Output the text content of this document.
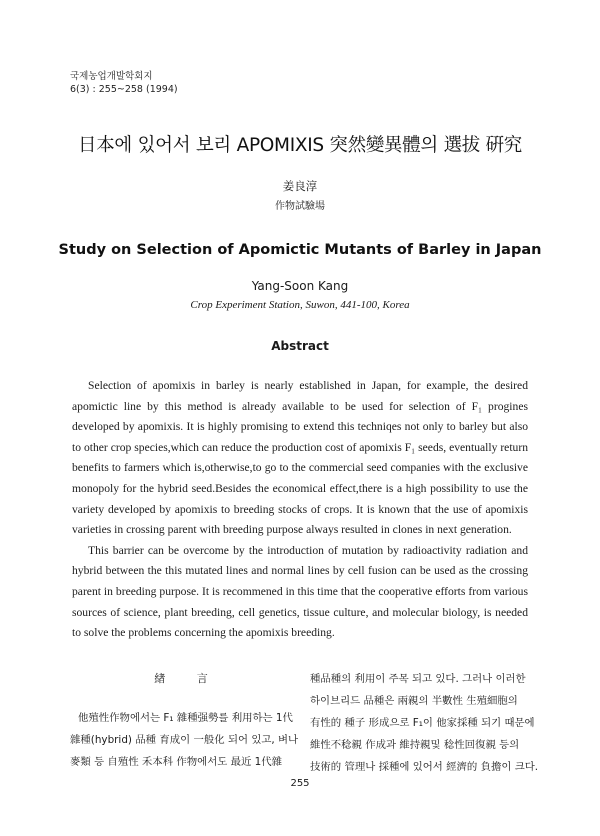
국제농업개발학회지
6(3) : 255~258 (1994)
日本에 있어서 보리 APOMIXIS 突然變異體의 選拔 硏究
姜良淳
作物試驗場
Study on Selection of Apomictic Mutants of Barley in Japan
Yang-Soon Kang
Crop Experiment Station, Suwon, 441-100, Korea
Abstract

Selection of apomixis in barley is nearly established in Japan, for example, the desired apomictic line by this method is already available to be used for selection of F₁ progines developed by apomixis. It is highly promising to extend this techniqes not only to barley but also to other crop species,which can reduce the production cost of apomixis F₁ seeds, eventually return benefits to farmers which is,otherwise,to go to the commercial seed companies with the exclusive monopoly for the hybrid seed.Besides the economical effect,there is a high possibility to use the variety developed by apomixis to breeding stocks of crops. It is known that the use of apomixis varieties in crossing parent with breeding purpose always resulted in clones in next generation.

This barrier can be overcome by the introduction of mutation by radioactivity radiation and hybrid between the this mutated lines and normal lines by cell fusion can be used as the crossing parent in breeding purpose. It is recommened in this time that the cooperative efforts from various sources of science, plant breeding, cell genetics, tissue culture, and molecular biology, is needed to solve the problems concerning the apomixis breeding.

緖 言

他殖性作物에서는 F₁ 雜種强勢를 利用하는 1代

雜種(hybrid) 品種 育成이 一般化 되어 있고, 벼나

麥類 등 自殖性 禾本科 作物에서도 最近 1代雜

種品種의 利用이 주목 되고 있다. 그러나 이러한

하이브리드 品種은 兩親의 半數性 生殖細胞의

有性的 種子 形成으로 F₁이 他家採種 되기 때문에

維性不稔親 作成과 維持親및 稔性回復親 등의

技術的 管理나 採種에 있어서 經濟的 負擔이 크다.

255
